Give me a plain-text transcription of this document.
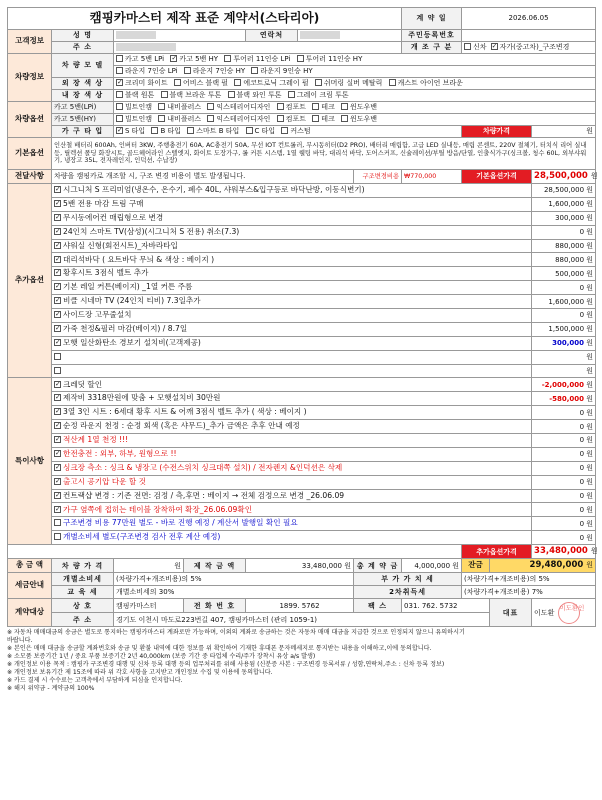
캠핑카마스터 제작 표준 계약서(스타리아)							계 약 일	2026.06.05		
고객정보	성 명			연락처			주민등록번호			
	주 소						개 조 구 분	신차 ✓ 자가(중고차)_구조변경
차량정보	차 량 모 델	카고 5밴 LPi ✓ 카고 5밴 HY 투어러 11인승 LPi 투어러 11인승 HY
		라운지 7인승 LPi 라운지 7인승 HY 라운지 9인승 HY								
	외 장 색 상	✓크리미 화이트 어비스 블랙 펄 에코트로닉 그레이 펄 쉬머링 실버 메탈릭 캐스트 아이언 브라운
	내 장 색 상	블랙 원톤 블랙 브라운 투톤 블랙 와인 투톤 그레이 크림 투톤								
차량옵션	카고 5밴(LPi)	빌트인캠 내비플러스 익스테리어디자인 컴포트 테크 윈도우밴								
	카고 5밴(HY)	빌트인캠 내비플러스 익스테리어디자인 컴포트 테크 윈도우밴								
	가 구 타 입	✓S 타입 B 타입 스마트 B 타입 C 타입 커스텀						차량가격		원
기본옵션	인산철 배터리 600Ah, 인버터 3KW, 주행충전기 60A, AC충전기 50A, 무선 IOT 컨트롤러, 무시동히터(D2 PRO), 배터리 매립함, 고급 LED 실내등, 매립 콘센트, 220V 절체기, 터치식 리어 실내등, 릴렉션 폴딩 화장시트, 골드헤어라인 스텔엣지, 화이트 도장가구, 롤 커튼 시스템, 1열 웰팅 바닥, 대리석 바닥, 도어스커프, 신슐레이션/부틸 방음/단열, 인출식가구(싱크볼, 청수 60L, 외부샤워기, 냉장고 35L, 전자레인지, 인덕션, 수납장)									
전달사항	차량을 캠핑카로 개조할 시, 구조 변경 비용이 별도 발생됩니다.					구조변경비용	₩770,000	기본옵션가격		28,500,000 원
추가옵션	✓시그니처 S 프리미엄(냉온수, 온수기, 폐수 40L, 샤워부스&입구등로 바닥난방, 이동식변기)									28,500,000 원
✓5밴 전용 마감 트림 구매									1,600,000 원
✓무시동에어컨 매립형으로 변경									300,000 원
✓24인치 스마트 TV(삼성)(시그니처 S 전용) 취소(7.3)									0 원
✓샤워실 신형(회전시트)_자바라타입									880,000 원
✓대리석바닥 ( 요트바닥 무늬 & 색상 : 베이지 )									880,000 원
✓황후시트 3점식 벨트 추가									500,000 원
✓기본 레일 커튼(베이지) _1열 커튼 주름									0 원
✓비클 시네마 TV (24인치 티비) 7.3일추가									1,600,000 원
✓사이드장 고무줄설치									0 원
✓가죽 천정&필러 마감(베이지) / 8.7일									1,500,000 원
✓모햇 일산화탄소 경보기 설치비(고객제공)									300,000 원
										원
										원
특이사항	✓크레딧 할인									-2,000,000 원
✓제작비 3318만원에 맞춤 + 모햇설치비 30만원									-580,000 원
✓3열 3인 시트 : 6세대 황후 시트 & 어깨 3점식 벨트 추가 ( 색상 : 베이지 )									0 원
✓순정 라운지 천정 : 순정 회색 (혹은 샤무드)_추가 금액은 추후 안내 예정									0 원
✓적산계 1열 천정 !!!									0 원
✓한전충전 : 외부, 하부, 원형으로 !!									0 원
✓싱크장 측소 : 싱크 & 냉장고 (수전스위치 싱크대쪽 설치) / 전자렌지 &인덕션은 삭제									0 원
✓출고시 공기압 다운 할 것									0 원
✓컨트랙샵 변경 : 기존 전면: 검정 / 측,후면 : 베이지 → 전체 검정으로 변경 _26.06.09									0 원
✓가구 옆쪽에 접히는 테이블 장착하여 확장_26.06.09확인									0 원
	구조변경 비용 77만원 별도 - 바로 진행 예정 / 계산서 발행일 확인 필요									0 원
	개별소비세 별도(구조변경 검사 전후 계산 예정)									0 원
								추가옵션가격		33,480,000 원
총 금 액	차 량 가 격	원	제 작 금 액	33,480,000 원		총 계 약 금	4,000,000 원	잔금	29,480,000 원	
세금안내	개별소비세	(차량가격+개조비용)의 5%				부 가 가 치 세		(차량가격+개조비용)의 5%		
	교 육 세	개별소비세의 30%				2차취득세		(차량가격+개조비용) 7%		
계약대상	상 호	캠핑카마스터	전 화 번 호	1899. 5762		팩 스	031. 762. 5732		대표	이도환이도환인
	주 소	경기도 이천시 마도로223번길 407, 캠핑카마스터 (관리 1059-1)								
※ 자동차 매매대금의 송금은 별도로 통지하는 캠핑카마스터 계좌로만 가능하며, 이외의 계좌로 송금하는 것은 자동차 매매 대금을 지급한 것으로 인정되지 않으니 유의하시기
바랍니다.
※ 본인은 매매 대금을 송금할 계좌번호와 송금 및 환불 내역에 대한 정보를 위 확인하여 기재한 휴대폰 문자메세지로 통지받는 내용을 이해하고,이에 동의합니다.
※ 소모품 보증기간 1년 / 중요 부품 보증기간 2년 40,000km (보증 기간 중 타업체 수리/주가 장착시 유상 a/s 발생)
※ 개인정보 이용 목적 : 캠핑카 구조변경 대행 및 신차 등록 대행 등의 업무처리를 위해 사용됨 (신분증 사본 : 구조변경 등록서류 / 성함,연락처,주소 : 신차 등록 정보)
※ 개인정보 보유기간 제 15조에 따라 위 각호 사항을 고지받고 개인정보 수집 및 이용에 동의합니다.
※ 카드 결제 시 수수료는 고객측에서 부담하게 되심을 인지합니다.
※ 해지 위약금 - 계약금의 100%
